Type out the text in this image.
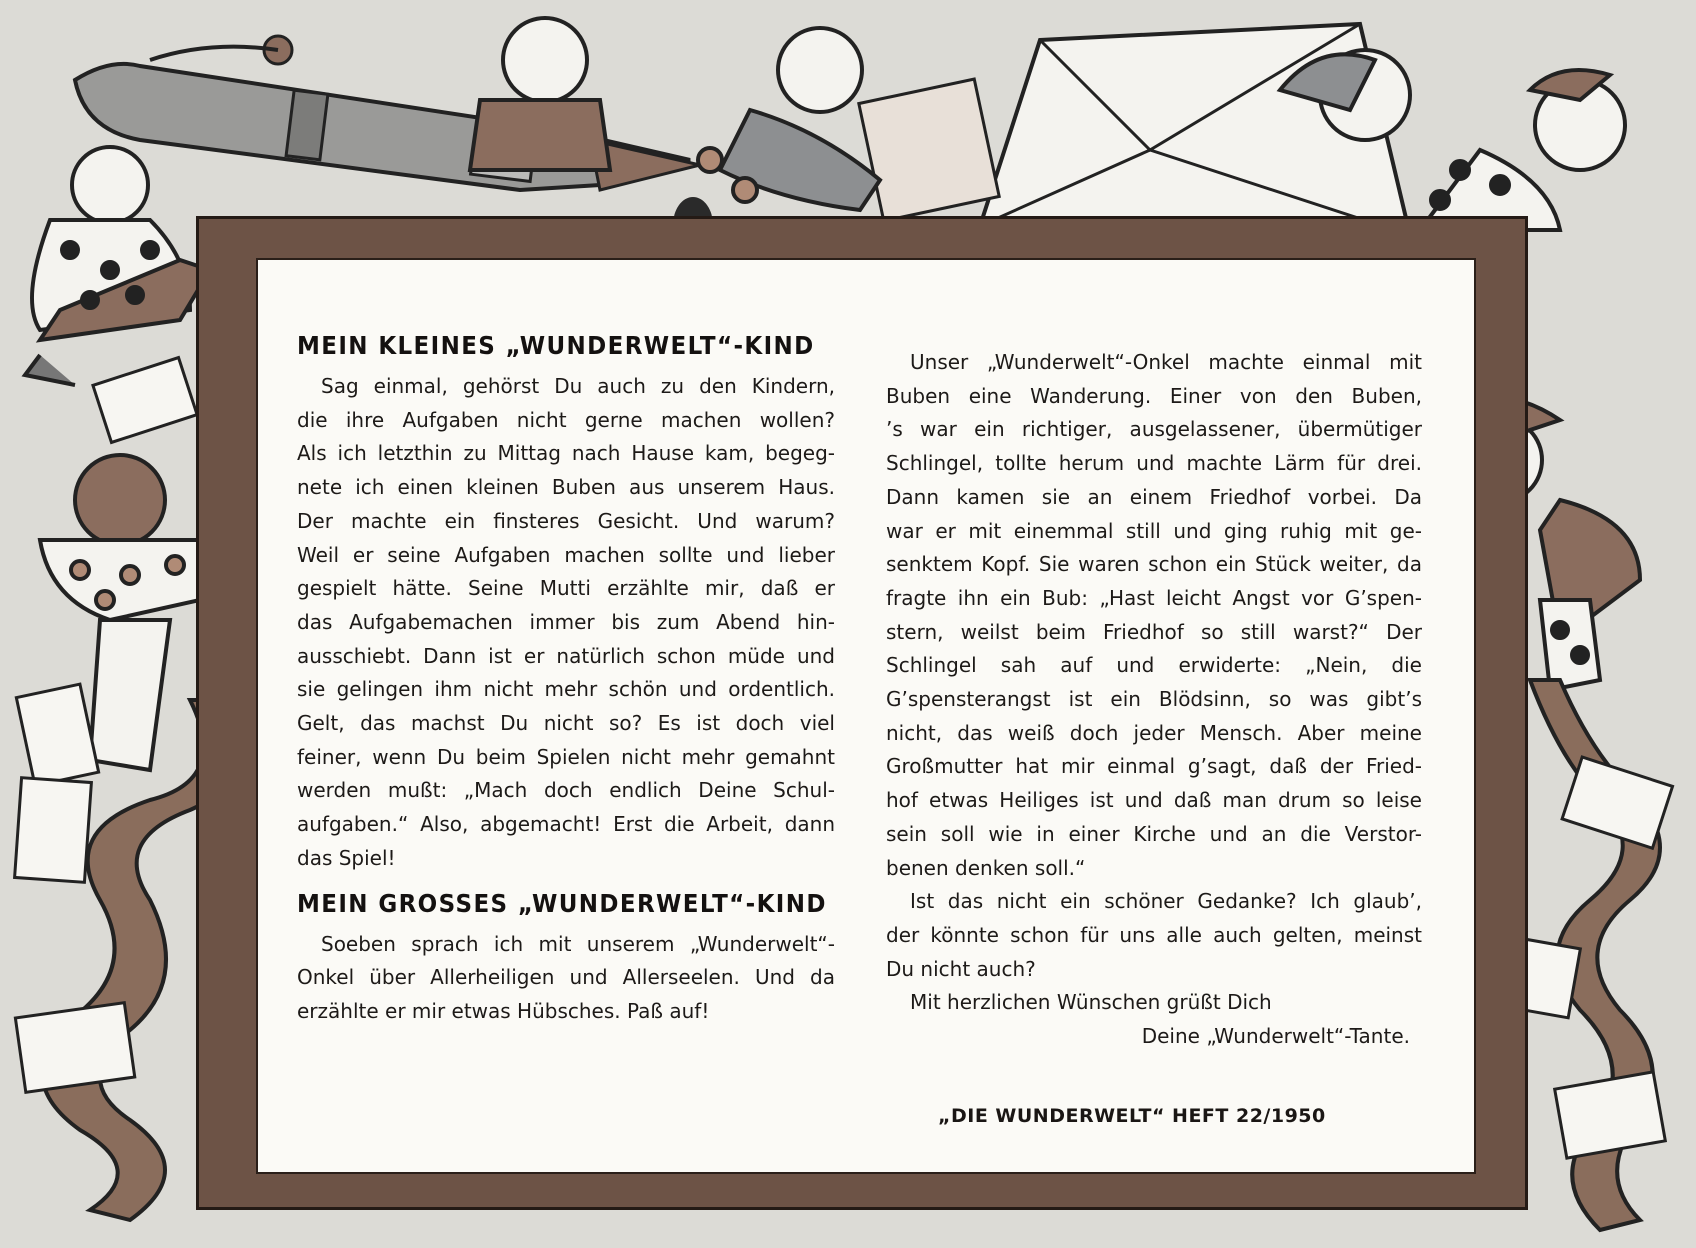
MEIN KLEINES „WUNDERWELT“-KIND
Sag einmal, gehörst Du auch zu den Kindern,
die ihre Aufgaben nicht gerne machen wollen?
Als ich letzthin zu Mittag nach Hause kam, begeg-
nete ich einen kleinen Buben aus unserem Haus.
Der machte ein finsteres Gesicht. Und warum?
Weil er seine Aufgaben machen sollte und lieber
gespielt hätte. Seine Mutti erzählte mir, daß er
das Aufgabemachen immer bis zum Abend hin-
ausschiebt. Dann ist er natürlich schon müde und
sie gelingen ihm nicht mehr schön und ordentlich.
Gelt, das machst Du nicht so? Es ist doch viel
feiner, wenn Du beim Spielen nicht mehr gemahnt
werden mußt: „Mach doch endlich Deine Schul-
aufgaben.“ Also, abgemacht! Erst die Arbeit, dann
das Spiel!
MEIN GROSSES „WUNDERWELT“-KIND
Soeben sprach ich mit unserem „Wunderwelt“-
Onkel über Allerheiligen und Allerseelen. Und da
erzählte er mir etwas Hübsches. Paß auf!
Unser „Wunderwelt“-Onkel machte einmal mit
Buben eine Wanderung. Einer von den Buben,
’s war ein richtiger, ausgelassener, übermütiger
Schlingel, tollte herum und machte Lärm für drei.
Dann kamen sie an einem Friedhof vorbei. Da
war er mit einemmal still und ging ruhig mit ge-
senktem Kopf. Sie waren schon ein Stück weiter, da
fragte ihn ein Bub: „Hast leicht Angst vor G’spen-
stern, weilst beim Friedhof so still warst?“ Der
Schlingel sah auf und erwiderte: „Nein, die
G’spensterangst ist ein Blödsinn, so was gibt’s
nicht, das weiß doch jeder Mensch. Aber meine
Großmutter hat mir einmal g’sagt, daß der Fried-
hof etwas Heiliges ist und daß man drum so leise
sein soll wie in einer Kirche und an die Verstor-
benen denken soll.“
Ist das nicht ein schöner Gedanke? Ich glaub’,
der könnte schon für uns alle auch gelten, meinst
Du nicht auch?
Mit herzlichen Wünschen grüßt Dich
Deine „Wunderwelt“-Tante.
„DIE WUNDERWELT“ HEFT 22/1950
